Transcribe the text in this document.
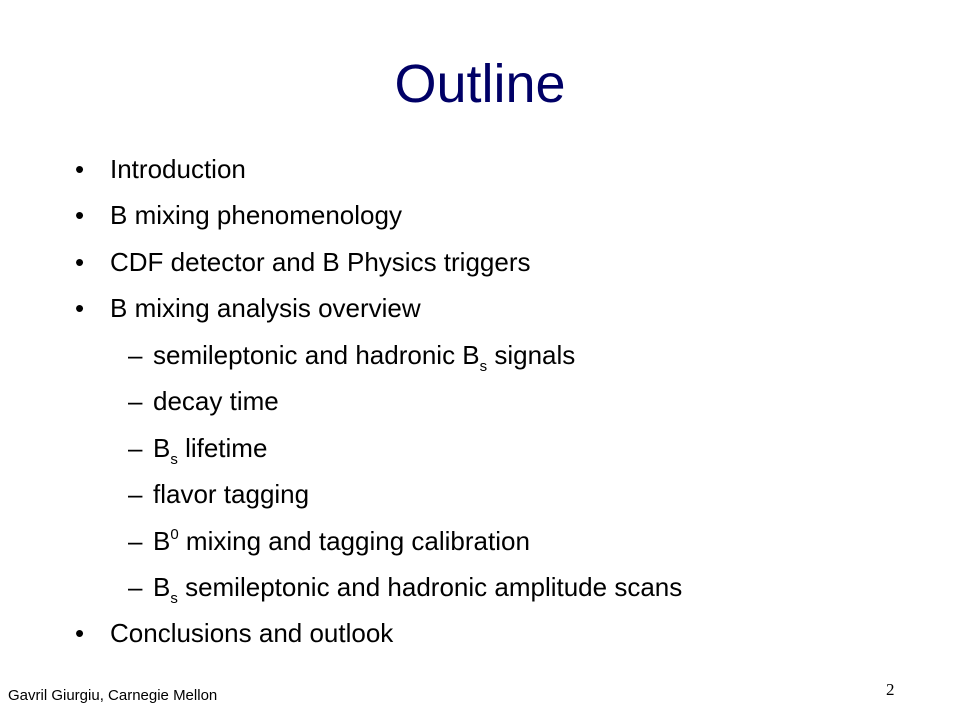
Outline
• Introduction
• B mixing phenomenology
• CDF detector and B Physics triggers
• B mixing analysis overview
– semileptonic and hadronic $B_s$ signals
– decay time
– $B_s$ lifetime
– flavor tagging
– $B^0$ mixing and tagging calibration
– $B_s$ semileptonic and hadronic amplitude scans
• Conclusions and outlook
Gavril Giurgiu, Carnegie Mellon	2
